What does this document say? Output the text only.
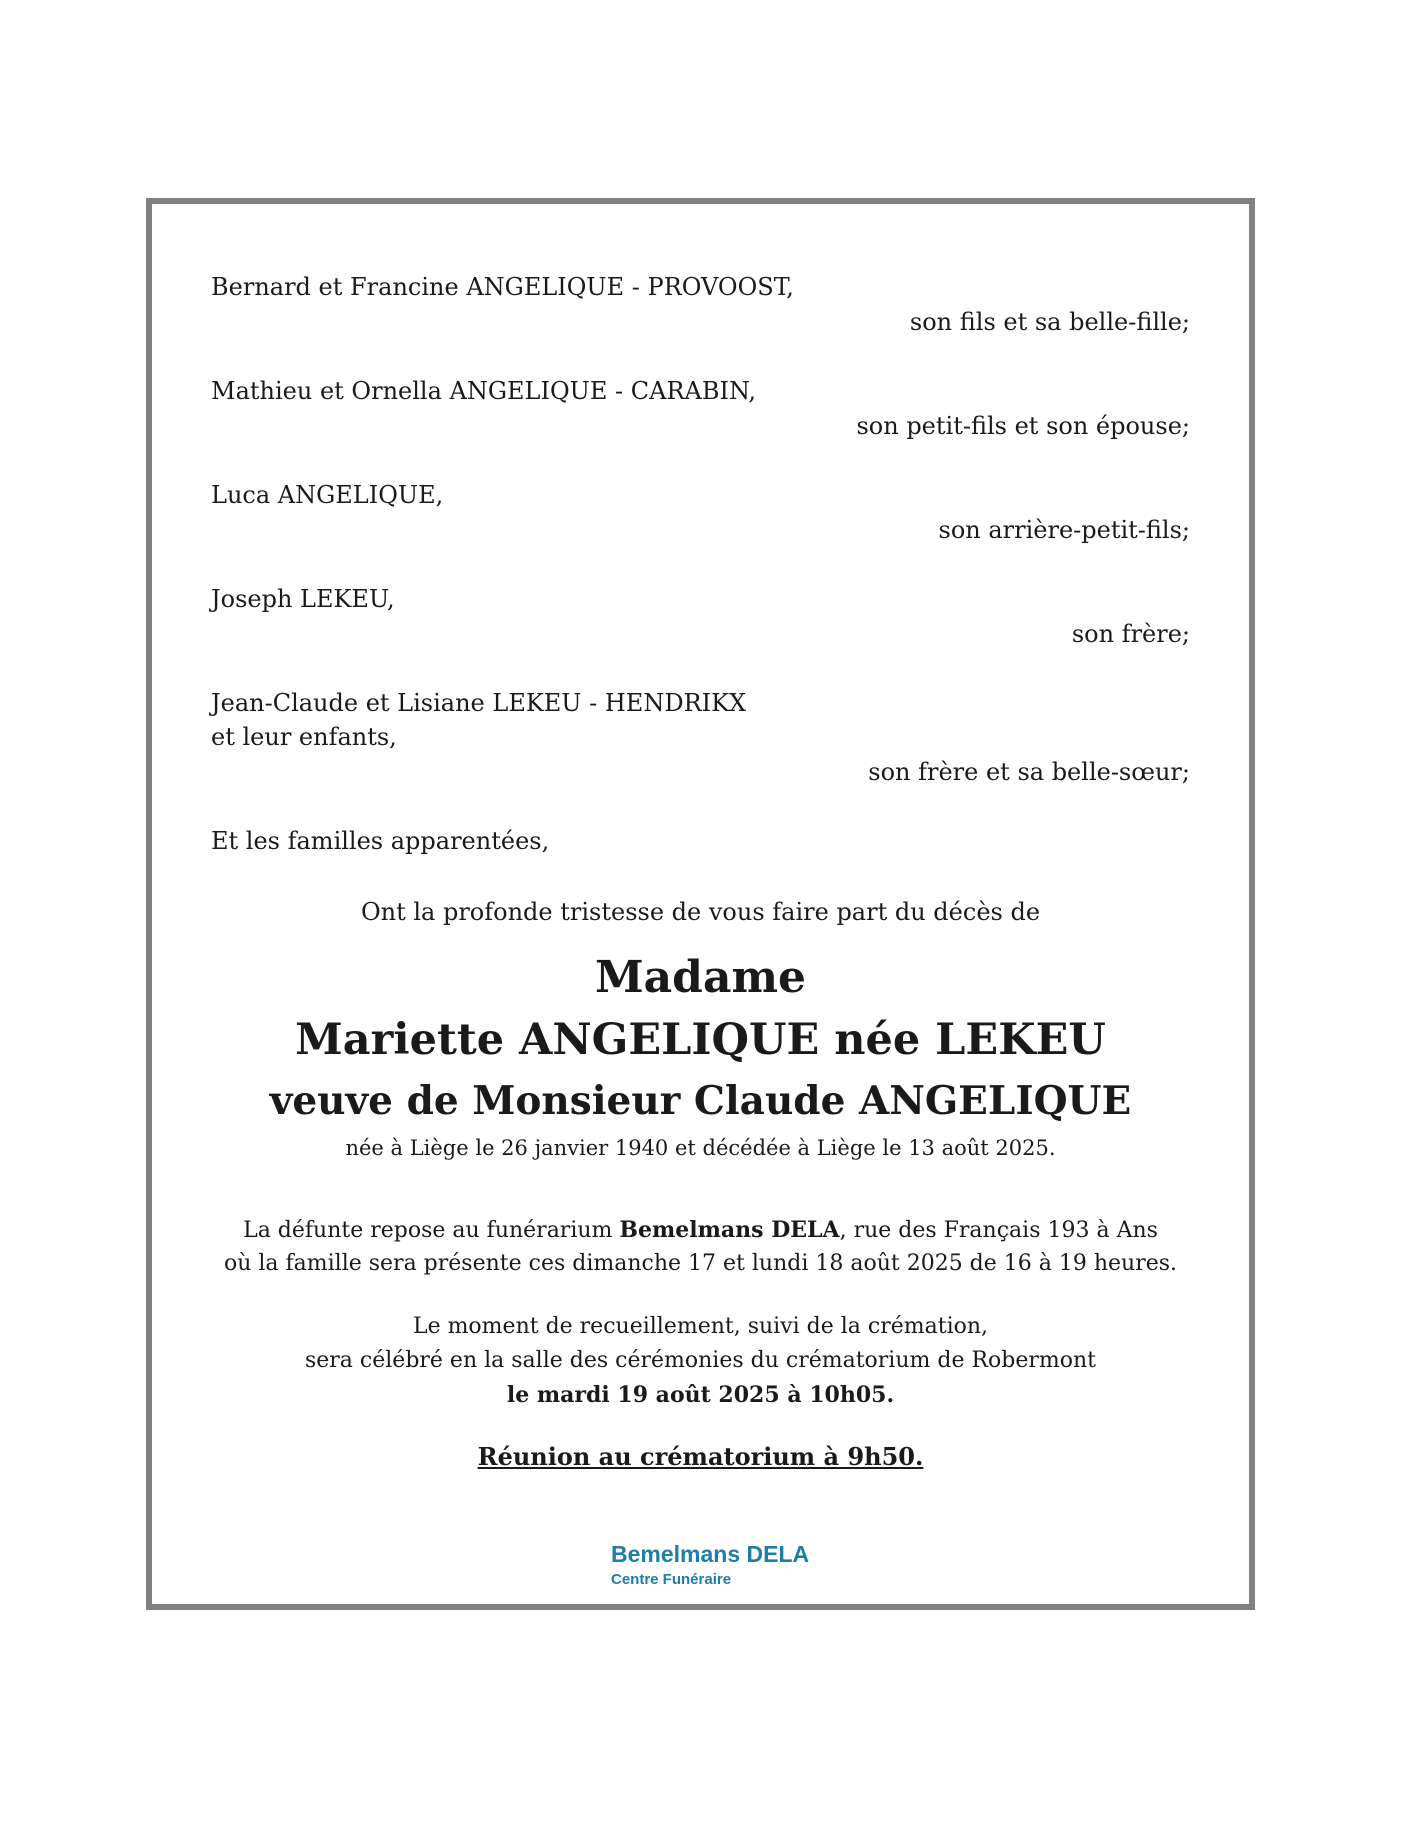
Bernard et Francine ANGELIQUE - PROVOOST,
son fils et sa belle-fille;
Mathieu et Ornella ANGELIQUE - CARABIN,
son petit-fils et son épouse;
Luca ANGELIQUE,
son arrière-petit-fils;
Joseph LEKEU,
son frère;
Jean-Claude et Lisiane LEKEU - HENDRIKX
et leur enfants,
son frère et sa belle-sœur;
Et les familles apparentées,
Ont la profonde tristesse de vous faire part du décès de
Madame
Mariette ANGELIQUE née LEKEU
veuve de Monsieur Claude ANGELIQUE
née à Liège le 26 janvier 1940 et décédée à Liège le 13 août 2025.
La défunte repose au funérarium Bemelmans DELA, rue des Français 193 à Ans
où la famille sera présente ces dimanche 17 et lundi 18 août 2025 de 16 à 19 heures.
Le moment de recueillement, suivi de la crémation,
sera célébré en la salle des cérémonies du crématorium de Robermont
le mardi 19 août 2025 à 10h05.
Réunion au crématorium à 9h50.
Bemelmans DELA
Centre Funéraire
